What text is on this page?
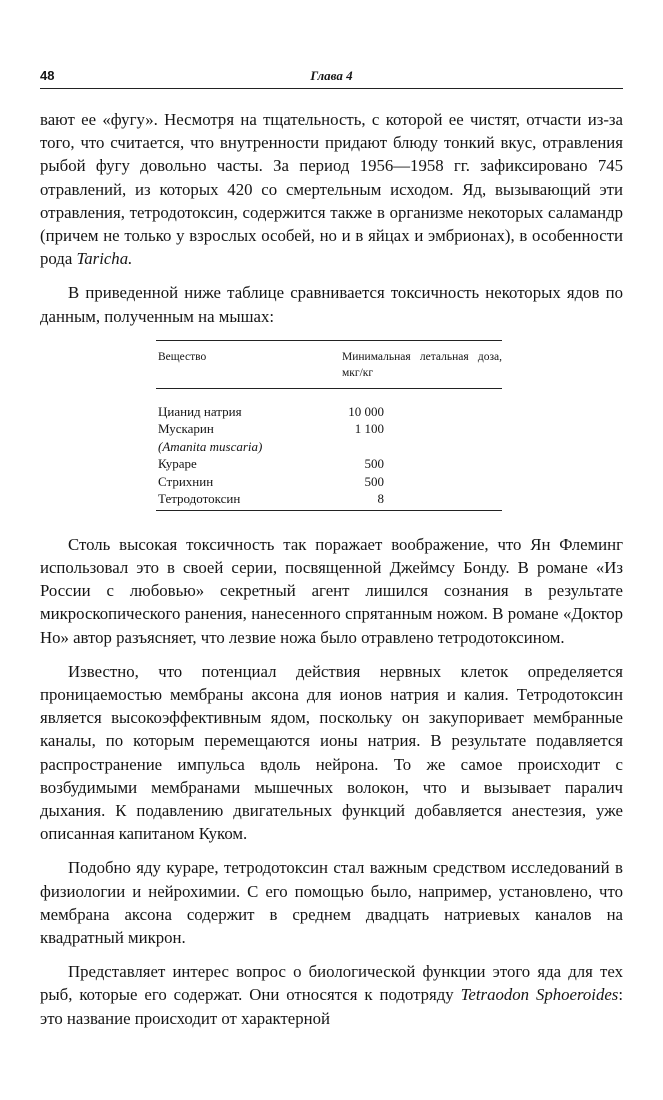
48	Глава 4

вают ее «фугу». Несмотря на тщательность, с которой ее чистят, отчасти из-за того, что считается, что внутренности придают блюду тонкий вкус, отравления рыбой фугу довольно часты. За период 1956—1958 гг. зафиксировано 745 отравлений, из которых 420 со смертельным исходом. Яд, вызывающий эти отравления, тетродотоксин, содержится также в организме некоторых саламандр (причем не только у взрослых особей, но и в яйцах и эмбрионах), в особенности рода Taricha.

В приведенной ниже таблице сравнивается токсичность некоторых ядов по данным, полученным на мышах:

Вещество	Минимальная летальная доза, мкг/кг
Цианид натрия	10 000
Мускарин	1 100
(Amanita muscaria)
Кураре	500
Стрихнин	500
Тетродотоксин	8

Столь высокая токсичность так поражает воображение, что Ян Флеминг использовал это в своей серии, посвященной Джеймсу Бонду. В романе «Из России с любовью» секретный агент лишился сознания в результате микроскопического ранения, нанесенного спрятанным ножом. В романе «Доктор Но» автор разъясняет, что лезвие ножа было отравлено тетродотоксином.

Известно, что потенциал действия нервных клеток определяется проницаемостью мембраны аксона для ионов натрия и калия. Тетродотоксин является высокоэффективным ядом, поскольку он закупоривает мембранные каналы, по которым перемещаются ионы натрия. В результате подавляется распространение импульса вдоль нейрона. То же самое происходит с возбудимыми мембранами мышечных волокон, что и вызывает паралич дыхания. К подавлению двигательных функций добавляется анестезия, уже описанная капитаном Куком.

Подобно яду кураре, тетродотоксин стал важным средством исследований в физиологии и нейрохимии. С его помощью было, например, установлено, что мембрана аксона содержит в среднем двадцать натриевых каналов на квадратный микрон.

Представляет интерес вопрос о биологической функции этого яда для тех рыб, которые его содержат. Они относятся к подотряду Tetraodon Sphoeroides: это название происходит от характерной
